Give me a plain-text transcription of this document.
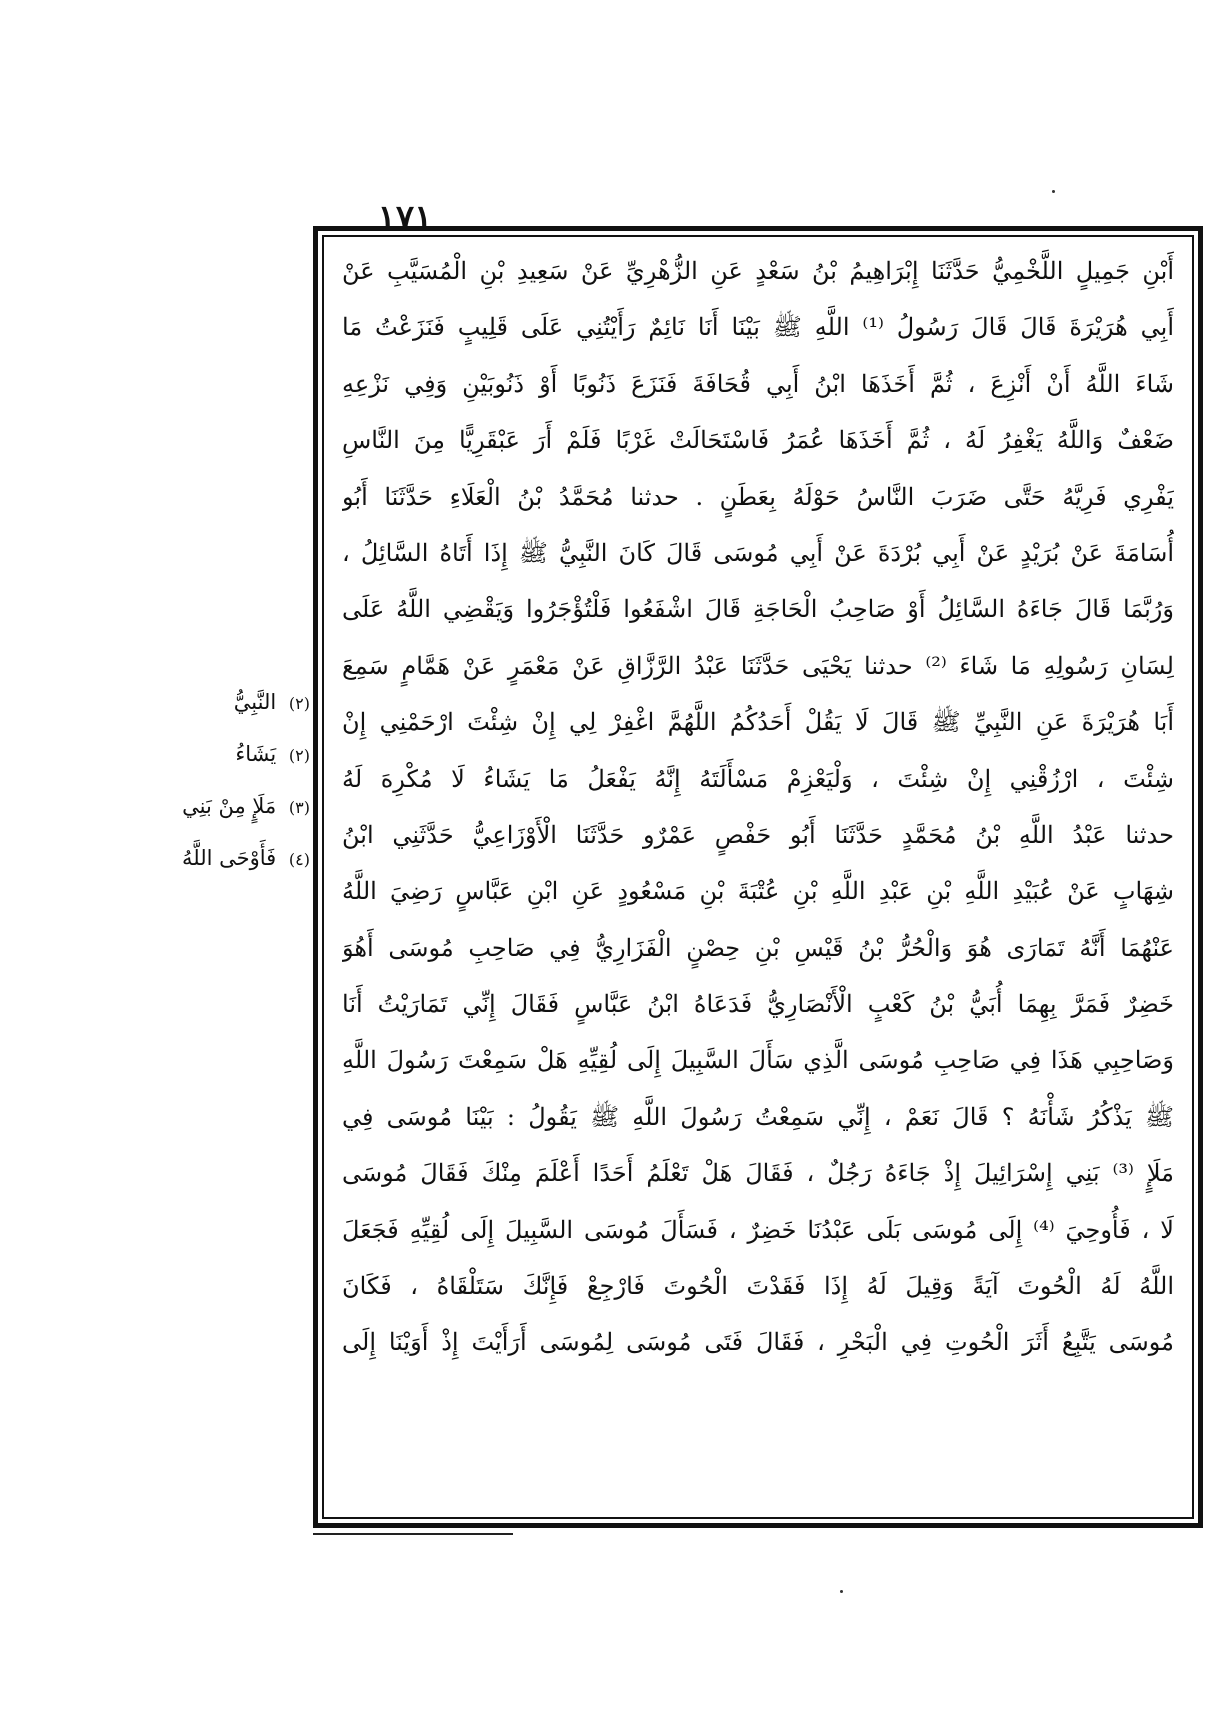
١٧١
أَبْنِ جَمِيلٍ اللَّخْمِيُّ حَدَّثَنَا إِبْرَاهِيمُ بْنُ سَعْدٍ عَنِ الزُّهْرِيِّ عَنْ سَعِيدِ بْنِ الْمُسَيَّبِ عَنْ
أَبِي هُرَيْرَةَ قَالَ قَالَ رَسُولُ ⁽¹⁾ اللَّهِ ﷺ بَيْنَا أَنَا نَائِمٌ رَأَيْتُنِي عَلَى قَلِيبٍ فَنَزَعْتُ مَا
شَاءَ اللَّهُ أَنْ أَنْزِعَ ، ثُمَّ أَخَذَهَا ابْنُ أَبِي قُحَافَةَ فَنَزَعَ ذَنُوبًا أَوْ ذَنُوبَيْنِ وَفِي نَزْعِهِ
ضَعْفٌ وَاللَّهُ يَغْفِرُ لَهُ ، ثُمَّ أَخَذَهَا عُمَرُ فَاسْتَحَالَتْ غَرْبًا فَلَمْ أَرَ عَبْقَرِيًّا مِنَ النَّاسِ
يَفْرِي فَرِيَّهُ حَتَّى ضَرَبَ النَّاسُ حَوْلَهُ بِعَطَنٍ . حدثنا مُحَمَّدُ بْنُ الْعَلَاءِ حَدَّثَنَا أَبُو
أُسَامَةَ عَنْ بُرَيْدٍ عَنْ أَبِي بُرْدَةَ عَنْ أَبِي مُوسَى قَالَ كَانَ النَّبِيُّ ﷺ إِذَا أَتَاهُ السَّائِلُ ،
وَرُبَّمَا قَالَ جَاءَهُ السَّائِلُ أَوْ صَاحِبُ الْحَاجَةِ قَالَ اشْفَعُوا فَلْتُؤْجَرُوا وَيَقْضِي اللَّهُ عَلَى
لِسَانِ رَسُولِهِ مَا شَاءَ ⁽²⁾ حدثنا يَحْيَى حَدَّثَنَا عَبْدُ الرَّزَّاقِ عَنْ مَعْمَرٍ عَنْ هَمَّامٍ سَمِعَ
أَبَا هُرَيْرَةَ عَنِ النَّبِيِّ ﷺ قَالَ لَا يَقُلْ أَحَدُكُمُ اللَّهُمَّ اغْفِرْ لِي إِنْ شِئْتَ ارْحَمْنِي إِنْ
شِئْتَ ، ارْزُقْنِي إِنْ شِئْتَ ، وَلْيَعْزِمْ مَسْأَلَتَهُ إِنَّهُ يَفْعَلُ مَا يَشَاءُ لَا مُكْرِهَ لَهُ
حدثنا عَبْدُ اللَّهِ بْنُ مُحَمَّدٍ حَدَّثَنَا أَبُو حَفْصٍ عَمْرٌو حَدَّثَنَا الْأَوْزَاعِيُّ حَدَّثَنِي ابْنُ
شِهَابٍ عَنْ عُبَيْدِ اللَّهِ بْنِ عَبْدِ اللَّهِ بْنِ عُتْبَةَ بْنِ مَسْعُودٍ عَنِ ابْنِ عَبَّاسٍ رَضِيَ اللَّهُ
عَنْهُمَا أَنَّهُ تَمَارَى هُوَ وَالْحُرُّ بْنُ قَيْسِ بْنِ حِصْنٍ الْفَزَارِيُّ فِي صَاحِبِ مُوسَى أَهُوَ
خَضِرٌ فَمَرَّ بِهِمَا أُبَيُّ بْنُ كَعْبٍ الْأَنْصَارِيُّ فَدَعَاهُ ابْنُ عَبَّاسٍ فَقَالَ إِنِّي تَمَارَيْتُ أَنَا
وَصَاحِبِي هَذَا فِي صَاحِبِ مُوسَى الَّذِي سَأَلَ السَّبِيلَ إِلَى لُقِيِّهِ هَلْ سَمِعْتَ رَسُولَ اللَّهِ
ﷺ يَذْكُرُ شَأْنَهُ ؟ قَالَ نَعَمْ ، إِنِّي سَمِعْتُ رَسُولَ اللَّهِ ﷺ يَقُولُ : بَيْنَا مُوسَى فِي
مَلَإٍ ⁽³⁾ بَنِي إِسْرَائِيلَ إِذْ جَاءَهُ رَجُلٌ ، فَقَالَ هَلْ تَعْلَمُ أَحَدًا أَعْلَمَ مِنْكَ فَقَالَ مُوسَى
لَا ، فَأُوحِيَ ⁽⁴⁾ إِلَى مُوسَى بَلَى عَبْدُنَا خَضِرٌ ، فَسَأَلَ مُوسَى السَّبِيلَ إِلَى لُقِيِّهِ فَجَعَلَ
اللَّهُ لَهُ الْحُوتَ آيَةً وَقِيلَ لَهُ إِذَا فَقَدْتَ الْحُوتَ فَارْجِعْ فَإِنَّكَ سَتَلْقَاهُ ، فَكَانَ
مُوسَى يَتَّبِعُ أَثَرَ الْحُوتِ فِي الْبَحْرِ ، فَقَالَ فَتَى مُوسَى لِمُوسَى أَرَأَيْتَ إِذْ أَوَيْنَا إِلَى
(٢) النَّبِيُّ
(٢) يَشَاءُ
(٣) مَلَإٍ مِنْ بَنِي
(٤) فَأَوْحَى اللَّهُ
